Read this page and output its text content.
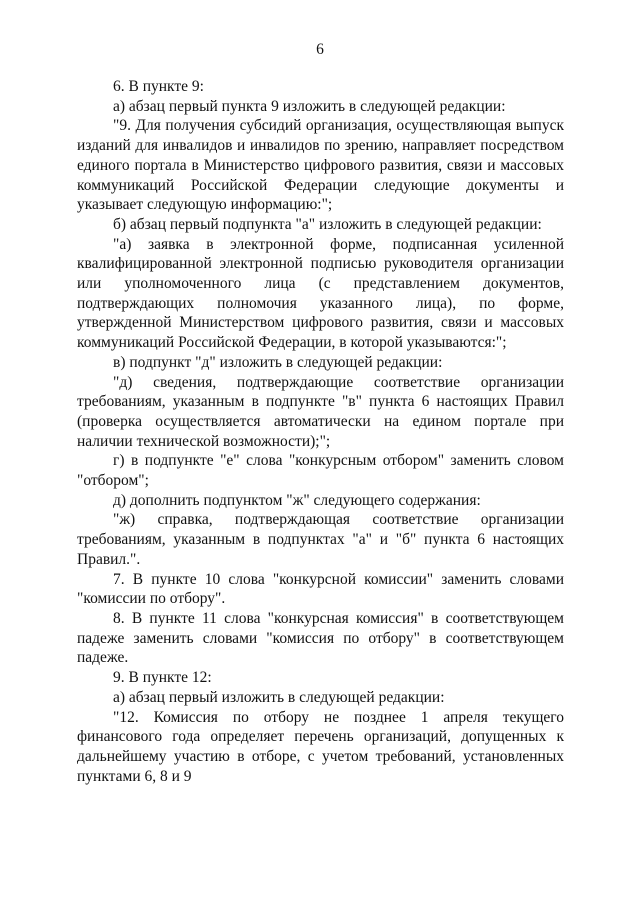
6

6. В пункте 9:

а) абзац первый пункта 9 изложить в следующей редакции:

"9. Для получения субсидий организация, осуществляющая выпуск изданий для инвалидов и инвалидов по зрению, направляет посредством единого портала в Министерство цифрового развития, связи и массовых коммуникаций Российской Федерации следующие документы и указывает следующую информацию:";

б) абзац первый подпункта "а" изложить в следующей редакции:

"а) заявка в электронной форме, подписанная усиленной квалифицированной электронной подписью руководителя организации или уполномоченного лица (с представлением документов, подтверждающих полномочия указанного лица), по форме, утвержденной Министерством цифрового развития, связи и массовых коммуникаций Российской Федерации, в которой указываются:";

в) подпункт "д" изложить в следующей редакции:

"д) сведения, подтверждающие соответствие организации требованиям, указанным в подпункте "в" пункта 6 настоящих Правил (проверка осуществляется автоматически на едином портале при наличии технической возможности);";

г) в подпункте "е" слова "конкурсным отбором" заменить словом "отбором";

д) дополнить подпунктом "ж" следующего содержания:

"ж) справка, подтверждающая соответствие организации требованиям, указанным в подпунктах "а" и "б" пункта 6 настоящих Правил.".

7. В пункте 10 слова "конкурсной комиссии" заменить словами "комиссии по отбору".

8. В пункте 11 слова "конкурсная комиссия" в соответствующем падеже заменить словами "комиссия по отбору" в соответствующем падеже.

9. В пункте 12:

а) абзац первый изложить в следующей редакции:

"12. Комиссия по отбору не позднее 1 апреля текущего финансового года определяет перечень организаций, допущенных к дальнейшему участию в отборе, с учетом требований, установленных пунктами 6, 8 и 9
